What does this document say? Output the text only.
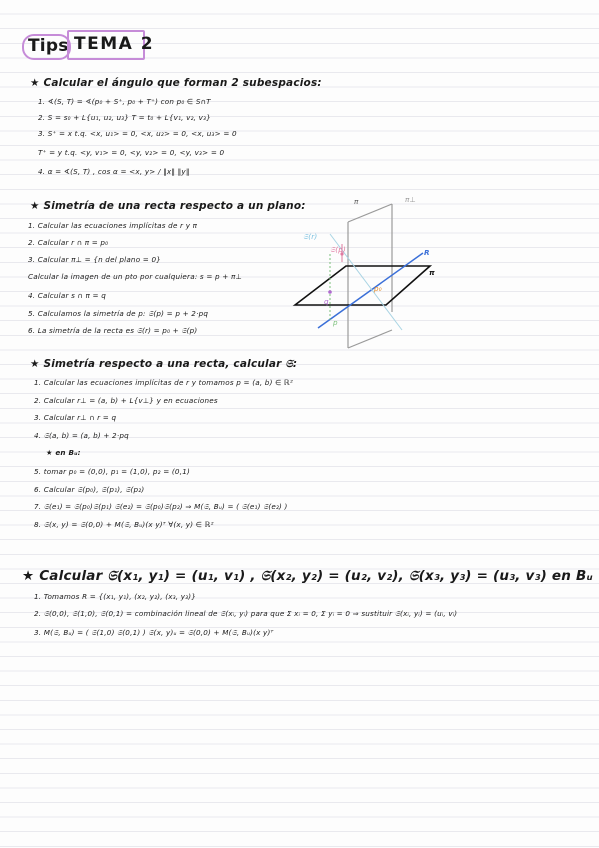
Tips TEMA 2
★ Calcular el ángulo que forman 2 subespacios:
1. ∢(S, T) = ∢(p₀ + S⁺, p₀ + T⁺) con p₀ ∈ S∩T
2. S = s₀ + L{u₁, u₂, u₃} T = t₀ + L{v₁, v₂, v₃}
3. S⁺ = x t.q. <x, u₁> = 0, <x, u₂> = 0, <x, u₃> = 0
T⁺ = y t.q. <y, v₁> = 0, <y, v₂> = 0, <y, v₃> = 0
4. α = ∢(S, T) , cos α = <x, y> / ‖x‖ ‖y‖
★ Simetría de una recta respecto a un plano:
1. Calcular las ecuaciones implícitas de r y π
2. Calcular r ∩ π = p₀
3. Calcular π⊥ = {n del plano = 0}
Calcular la imagen de un pto por cualquiera: s = p + π⊥
4. Calcular s ∩ π = q
5. Calculamos la simetría de p: 𝔖(p) = p + 2·pq
6. La simetría de la recta es 𝔖(r) = p₀ + 𝔖(p)
π⊥
π
𝔖(r)
𝔖(p)	R
π
p
q
p₀
★ Simetría respecto a una recta, calcular 𝔖:
1. Calcular las ecuaciones implícitas de r y tomamos p = (a, b) ∈ ℝ²
2. Calcular r⊥ = (a, b) + L{v⊥} y en ecuaciones
3. Calcular r⊥ ∩ r = q
4. 𝔖(a, b) = (a, b) + 2·pq
★ en Bᵤ:
5. tomar p₀ = (0,0), p₁ = (1,0), p₂ = (0,1)
6. Calcular 𝔖(p₀), 𝔖(p₁), 𝔖(p₂)
7. 𝔖(e₁) = 𝔖(p₀)𝔖(p₁) 𝔖(e₂) = 𝔖(p₀)𝔖(p₂) ⇒ M(𝔖, Bᵤ) = ( 𝔖(e₁) 𝔖(e₂) )
8. 𝔖(x, y) = 𝔖(0,0) + M(𝔖, Bᵤ)(x y)ᵀ ∀(x, y) ∈ ℝ²
★ Calcular 𝔖(x₁, y₁) = (u₁, v₁) , 𝔖(x₂, y₂) = (u₂, v₂), 𝔖(x₃, y₃) = (u₃, v₃) en Bᵤ
1. Tomamos R = {(x₁, y₁), (x₂, y₂), (x₃, y₃)}
2. 𝔖(0,0), 𝔖(1,0), 𝔖(0,1) = combinación lineal de 𝔖(xᵢ, yᵢ) para que Σ xᵢ = 0, Σ yᵢ = 0 ⇒ sustituir 𝔖(xᵢ, yᵢ) = (uᵢ, vᵢ)
3. M(𝔖, Bᵤ) = ( 𝔖(1,0) 𝔖(0,1) ) 𝔖(x, y)ᵤ = 𝔖(0,0) + M(𝔖, Bᵤ)(x y)ᵀ
